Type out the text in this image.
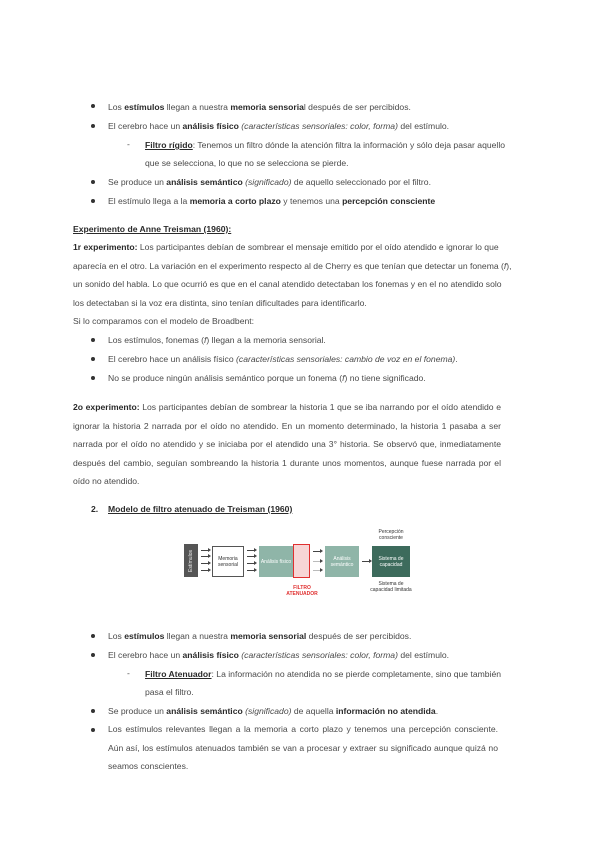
Los estímulos llegan a nuestra memoria sensorial después de ser percibidos.
El cerebro hace un análisis físico (características sensoriales: color, forma) del estímulo.
- Filtro rígido: Tenemos un filtro dónde la atención filtra la información y sólo deja pasar aquello
que se selecciona, lo que no se selecciona se pierde.
Se produce un análisis semántico (significado) de aquello seleccionado por el filtro.
El estímulo llega a la memoria a corto plazo y tenemos una percepción consciente
Experimento de Anne Treisman (1960):
1r experimento: Los participantes debían de sombrear el mensaje emitido por el oído atendido e ignorar lo que
aparecía en el otro. La variación en el experimento respecto al de Cherry es que tenían que detectar un fonema (f),
un sonido del habla. Lo que ocurrió es que en el canal atendido detectaban los fonemas y en el no atendido solo
los detectaban si la voz era distinta, sino tenían dificultades para identificarlo.
Si lo comparamos con el modelo de Broadbent:
Los estímulos, fonemas (f) llegan a la memoria sensorial.
El cerebro hace un análisis físico (características sensoriales: cambio de voz en el fonema).
No se produce ningún análisis semántico porque un fonema (f) no tiene significado.
2o experimento: Los participantes debían de sombrear la historia 1 que se iba narrando por el oído atendido e ignorar la historia 2 narrada por el oído no atendido. En un momento determinado, la historia 1 pasaba a ser narrada por el oído no atendido y se iniciaba por el atendido una 3° historia. Se observó que, inmediatamente después del cambio, seguían sombreando la historia 1 durante unos momentos, aunque fuese narrada por el oído no atendido.
2. Modelo de filtro atenuado de Treisman (1960)
Estímulos	Memoria sensorial	Análisis físico	Análisis semántico
Sistema de capacidad
Percepción consciente
Sistema de capacidad limitada
FILTRO ATENUADOR
Los estímulos llegan a nuestra memoria sensorial después de ser percibidos.
El cerebro hace un análisis físico (características sensoriales: color, forma) del estímulo.
- Filtro Atenuador: La información no atendida no se pierde completamente, sino que también
pasa el filtro.
Se produce un análisis semántico (significado) de aquella información no atendida.
Los estímulos relevantes llegan a la memoria a corto plazo y tenemos una percepción consciente. Aún así, los estímulos atenuados también se van a procesar y extraer su significado aunque quizá no seamos conscientes.
